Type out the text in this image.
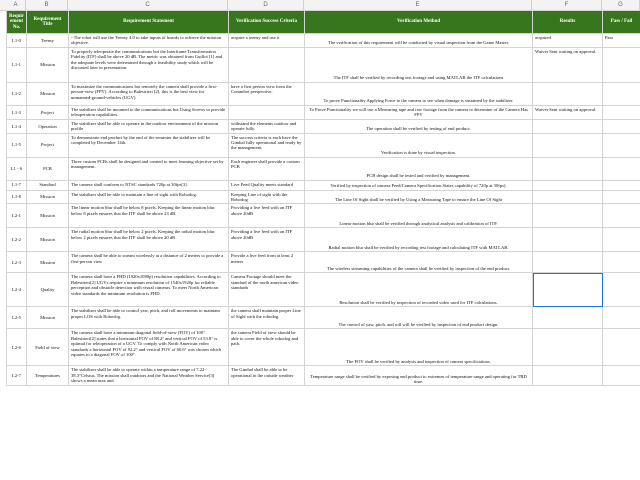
A	B	C	D	E	F	G
Requirement No.	Requirement Title	Requirement Statement	Verification Success Criteria	Verification Method	Results	Pass / Fail
L1-0	Teensy	- The robot will use the Teensy 4.0 to take inputs of boards to achieve the mission objective.	acquire a teensy and use it	The verification of this requirement will be conducted by visual inspection from the Game Master.	acquired	Pass
L1-1	Mission	To properly teleoperate the communications bot the Interframe Transformation Fidelity (ITF) shall be above 20 dB. The metric was obtained from Guillot [1] and the adequate levels were determined through a feasibility study which will be discussed later in presentation.		The ITF shall be verified by recording test footage and using MATLAB the ITF calculations	Waiver Sent waiting on approval.	
L1-2	Mission	To maximize the communications bot remotely the camera shall provide a first-person-view (FPV). According to Balestrieri [2], this is the best view for unmanned-ground-vehicles (UGV).	have a first person view from the Commbot perspective.	To prove Functionality Applying Force to the camera to see when damage is sustained by the stabilizer.		
L1-3	Project	The stabilizer shall be mounted to the communications bot Using Screws to provide teleoperation capabilities.		To Prove Functionality we will use a Measuring tape and raw footage from the camera to determine of the Camera Has FPV	Waiver Sent waiting on approval.	
L1-4	Operation	The stabilizer shall be able to operate in the outdoor environment of the mission profile	withstand the elements outdoor and operate fully.	The operation shall be verified by testing of end product.		
L1-5	Project	To demonstrate end product by the end of the semester the stabilizer will be completed by December 14th.	The success criteria is each have the Gimbal fully operational and ready by the management.	Verification is done by visual inspection.		
L1 - 6	PCB	Three custom PCBs shall be designed and created to meet learning objective set by management.	Each engineer shall provide a custom PCB	PCB design shall be tested and verified by management.		
L1-7	Standard	The camera shall conform to NTSC standards 720p at 30fps[3].	Live Feed Quality meets standard	Verified by inspection of camera Feed/Camera Specification States capability of 720p at 30fps).		
L1-8	Mission	The stabilizer shall be able to maintain a line of sight with Robodog.	Keeping Line of sight with the Robodog	The Line Of Sight shall be verified by Using a Measuring Tape to ensure the Line Of Sight		
L2-1	Mission	The linear motion blur shall be below 8 pixels. Keeping the linear motion blur below 8 pixels ensures that the ITF shall be above 23 dB.	Providing a live feed with an ITF above 20dB	Linear motion blur shall be verified through analytical analysis and calibration of ITF.		
L2-2	Mission	The radial motion blur shall be below 2 pixels. Keeping the radial motion blur below 2 pixels ensures that the ITF shall be above 20 dB	Providing a live feed with an ITF above 20dB	Radial motion blur shall be verified by recording test footage and calculating ITF with MATLAB.		
L2-3	Mission	The camera shall be able to stream wirelessly at a distance of 2 meters to provide a first-person view	Provide a live feed from at least 2 meters	The wireless streaming capabilities of the camera shall be verified by inspection of the end product.		
L2-4	Quality	The camera shall have a FHD (1920x1080p) resolution capabilities. According to Balestrieri[2] UGVs require a minimum resolution of 1540x1920p for reliable perception and obstacle detection with visual cameras. To meet North American video standards the minimum resolution is FHD.	Camera Footage should meet the standard of the north american video standards	Resolution shall be verified by inspection of recorded video used for ITF calculations.		
L2-5	Mission	The stabilizer shall be able to control yaw, pitch, and roll movements to maintain proper LOS with Robodog.	the camera shall maintain proper Line of Sight with the robodog.	The control of yaw, pitch, and roll will be verified by inspection of end product design.		
L2-6	Field of view	The camera shall have a minimum diagonal field-of-view (FOV) of 100°. Balestrieri[2] states that a horizontal FOV of 88.2° and vertical FOV of 53.8° is optimal for teleoperation of a UGV. To comply with North American video standards a horizontal FOV of 92.2° and vertical FOV of 60.6° was chosen which equates to a diagonal FOV of 100°.	the camera Field of view should be able to cover the whole robodog and path.	The FOV shall be verified by analysis and inspection of camera specifications.		
L2-7	Temperatures	The stabilizer shall be able to operate within a temperature range of 7.22-38.3°Celsius. The mission shall outdoors and the National Weather Service[3] shows a mean max and	The Gimbal shall be able to be operational in the outside weather	Temperature range shall be verified by exposing end product to extremes of temperature range and operating for TBD time.		
